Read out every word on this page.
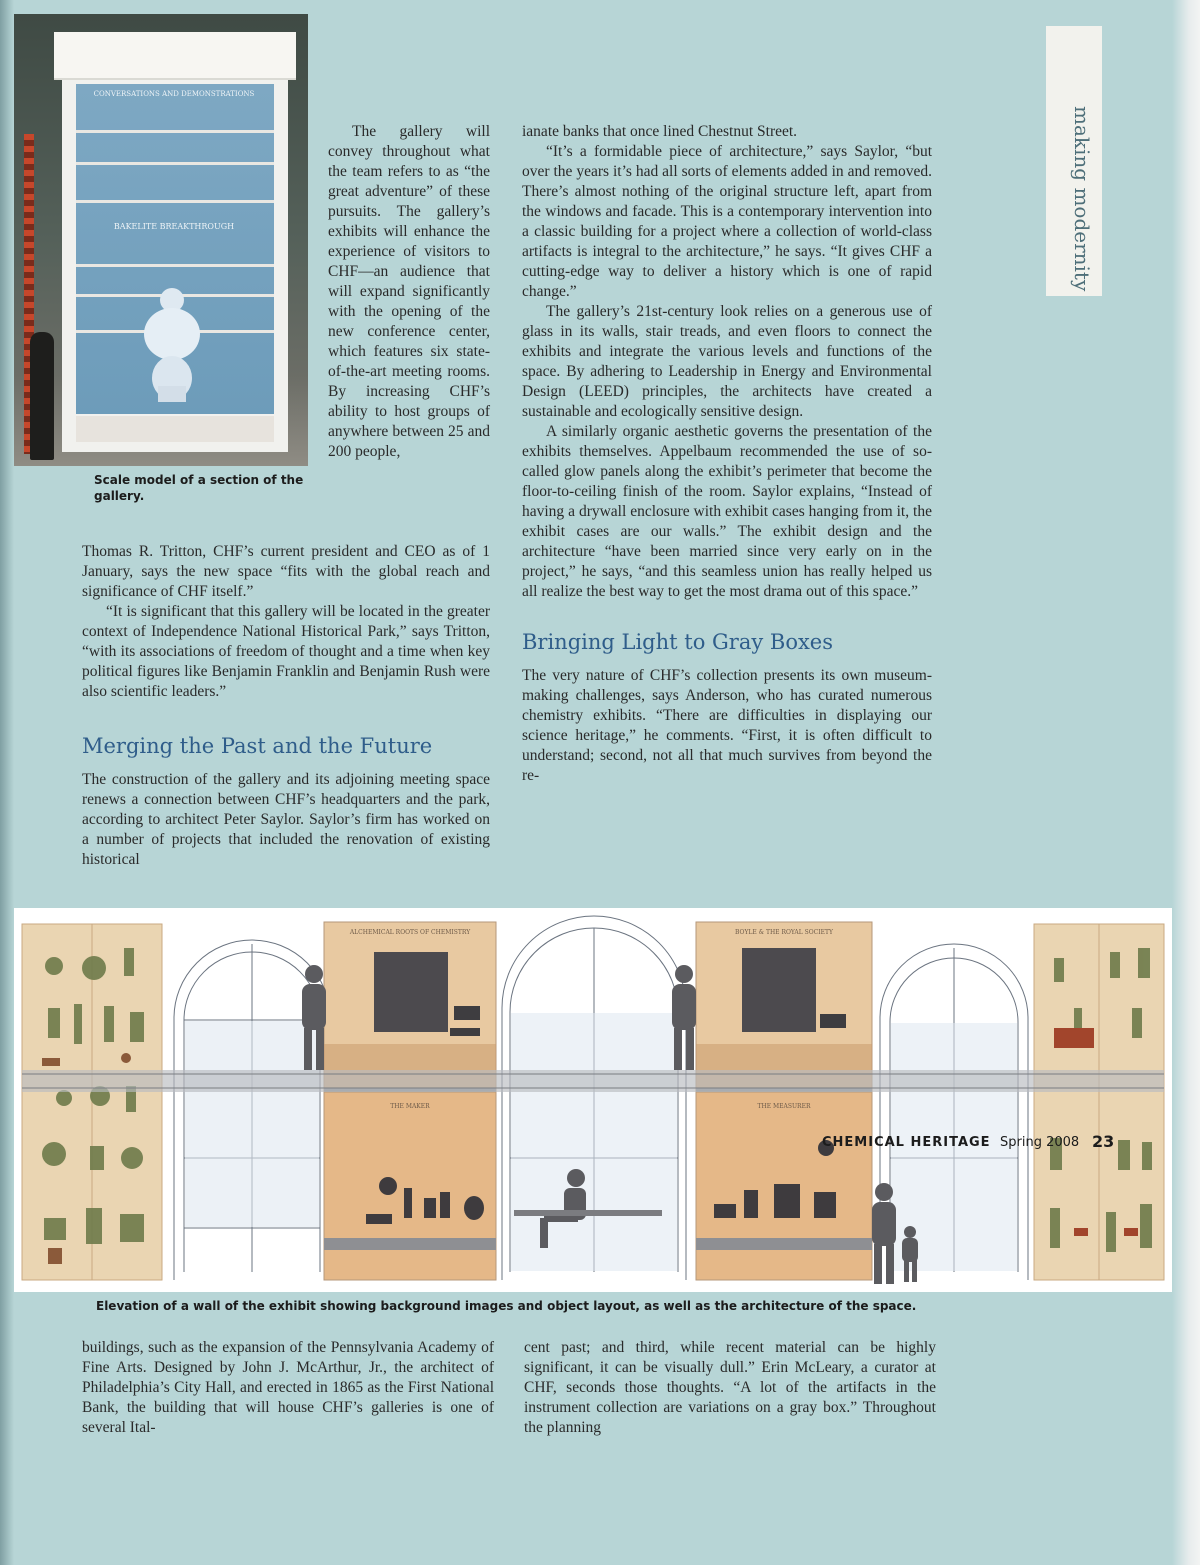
CONVERSATIONS AND DEMONSTRATIONS
BAKELITE BREAKTHROUGH
Scale model of a section of the gallery.

The gallery will convey throughout what the team refers to as “the great adventure” of these pursuits. The gallery’s exhibits will enhance the experience of visitors to CHF—an audience that will expand significantly with the opening of the new conference center, which features six state-of-the-art meeting rooms. By increasing CHF’s ability to host groups of anywhere between 25 and 200 people,

Thomas R. Tritton, CHF’s current president and CEO as of 1 January, says the new space “fits with the global reach and significance of CHF itself.”

“It is significant that this gallery will be located in the greater context of Independence National Historical Park,” says Tritton, “with its associations of freedom of thought and a time when key political figures like Benjamin Franklin and Benjamin Rush were also scientific leaders.”

Merging the Past and the Future

The construction of the gallery and its adjoining meeting space renews a connection between CHF’s headquarters and the park, according to architect Peter Saylor. Saylor’s firm has worked on a number of projects that included the renovation of existing historical

ianate banks that once lined Chestnut Street.

“It’s a formidable piece of architecture,” says Saylor, “but over the years it’s had all sorts of elements added in and removed. There’s almost nothing of the original structure left, apart from the windows and facade. This is a contemporary intervention into a classic building for a project where a collection of world-class artifacts is integral to the architecture,” he says. “It gives CHF a cutting-edge way to deliver a history which is one of rapid change.”

The gallery’s 21st-century look relies on a generous use of glass in its walls, stair treads, and even floors to connect the exhibits and integrate the various levels and functions of the space. By adhering to Leadership in Energy and Environmental Design (LEED) principles, the architects have created a sustainable and ecologically sensitive design.

A similarly organic aesthetic governs the presentation of the exhibits themselves. Appelbaum recommended the use of so-called glow panels along the exhibit’s perimeter that become the floor-to-ceiling finish of the room. Saylor explains, “Instead of having a drywall enclosure with exhibit cases hanging from it, the exhibit cases are our walls.” The exhibit design and the architecture “have been married since very early on in the project,” he says, “and this seamless union has really helped us all realize the best way to get the most drama out of this space.”

Bringing Light to Gray Boxes

The very nature of CHF’s collection presents its own museum-making challenges, says Anderson, who has curated numerous chemistry exhibits. “There are difficulties in displaying our science heritage,” he comments. “First, it is often difficult to understand; second, not all that much survives from beyond the re-

making modernity
ALCHEMICAL ROOTS OF CHEMISTRY
THE MAKER
BOYLE & THE ROYAL SOCIETY
THE MEASURER
Elevation of a wall of the exhibit showing background images and object layout, as well as the architecture of the space.

buildings, such as the expansion of the Pennsylvania Academy of Fine Arts. Designed by John J. McArthur, Jr., the architect of Philadelphia’s City Hall, and erected in 1865 as the First National Bank, the building that will house CHF’s galleries is one of several Ital-

cent past; and third, while recent material can be highly significant, it can be visually dull.” Erin McLeary, a curator at CHF, seconds those thoughts. “A lot of the artifacts in the instrument collection are variations on a gray box.” Throughout the planning

CHEMICAL HERITAGE Spring 2008 23
